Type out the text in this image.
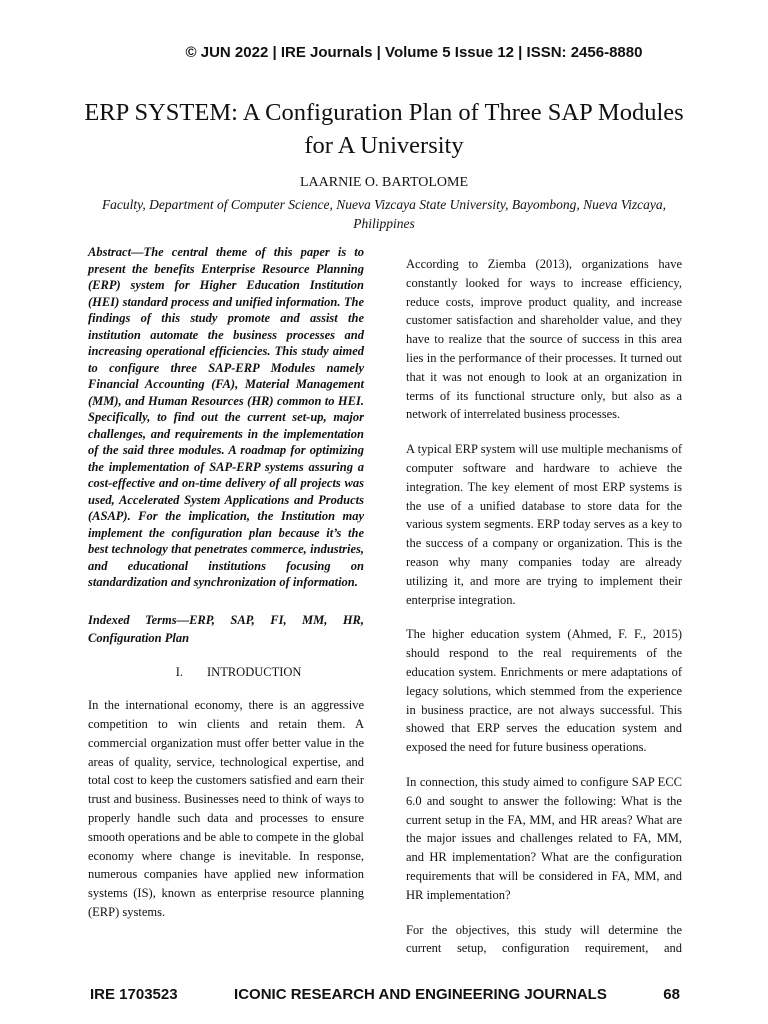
© JUN 2022 | IRE Journals | Volume 5 Issue 12 | ISSN: 2456-8880
ERP SYSTEM: A Configuration Plan of Three SAP Modules for A University
LAARNIE O. BARTOLOME
Faculty, Department of Computer Science, Nueva Vizcaya State University, Bayombong, Nueva Vizcaya, Philippines

Abstract—The central theme of this paper is to present the benefits Enterprise Resource Planning (ERP) system for Higher Education Institution (HEI) standard process and unified information. The findings of this study promote and assist the institution automate the business processes and increasing operational efficiencies. This study aimed to configure three SAP-ERP Modules namely Financial Accounting (FA), Material Management (MM), and Human Resources (HR) common to HEI. Specifically, to find out the current set-up, major challenges, and requirements in the implementation of the said three modules. A roadmap for optimizing the implementation of SAP-ERP systems assuring a cost-effective and on-time delivery of all projects was used, Accelerated System Applications and Products (ASAP). For the implication, the Institution may implement the configuration plan because it’s the best technology that penetrates commerce, industries, and educational institutions focusing on standardization and synchronization of information.

Indexed Terms—ERP, SAP, FI, MM, HR, Configuration Plan

I.	INTRODUCTION

In the international economy, there is an aggressive competition to win clients and retain them. A commercial organization must offer better value in the areas of quality, service, technological expertise, and total cost to keep the customers satisfied and earn their trust and business. Businesses need to think of ways to properly handle such data and processes to ensure smooth operations and be able to compete in the global economy where change is inevitable. In response, numerous companies have applied new information systems (IS), known as enterprise resource planning (ERP) systems.

According to Ziemba (2013), organizations have constantly looked for ways to increase efficiency, reduce costs, improve product quality, and increase customer satisfaction and shareholder value, and they have to realize that the source of success in this area lies in the performance of their processes. It turned out that it was not enough to look at an organization in terms of its functional structure only, but also as a network of interrelated business processes.

A typical ERP system will use multiple mechanisms of computer software and hardware to achieve the integration. The key element of most ERP systems is the use of a unified database to store data for the various system segments. ERP today serves as a key to the success of a company or organization. This is the reason why many companies today are already utilizing it, and more are trying to implement their enterprise integration.

The higher education system (Ahmed, F. F., 2015) should respond to the real requirements of the education system. Enrichments or mere adaptations of legacy solutions, which stemmed from the experience in business practice, are not always successful. This showed that ERP serves the education system and exposed the need for future business operations.

In connection, this study aimed to configure SAP ECC 6.0 and sought to answer the following: What is the current setup in the FA, MM, and HR areas? What are the major issues and challenges related to FA, MM, and HR implementation? What are the configuration requirements that will be considered in FA, MM, and HR implementation?

For the objectives, this study will determine the current setup, configuration requirement, and

IRE 1703523	ICONIC RESEARCH AND ENGINEERING JOURNALS	68
